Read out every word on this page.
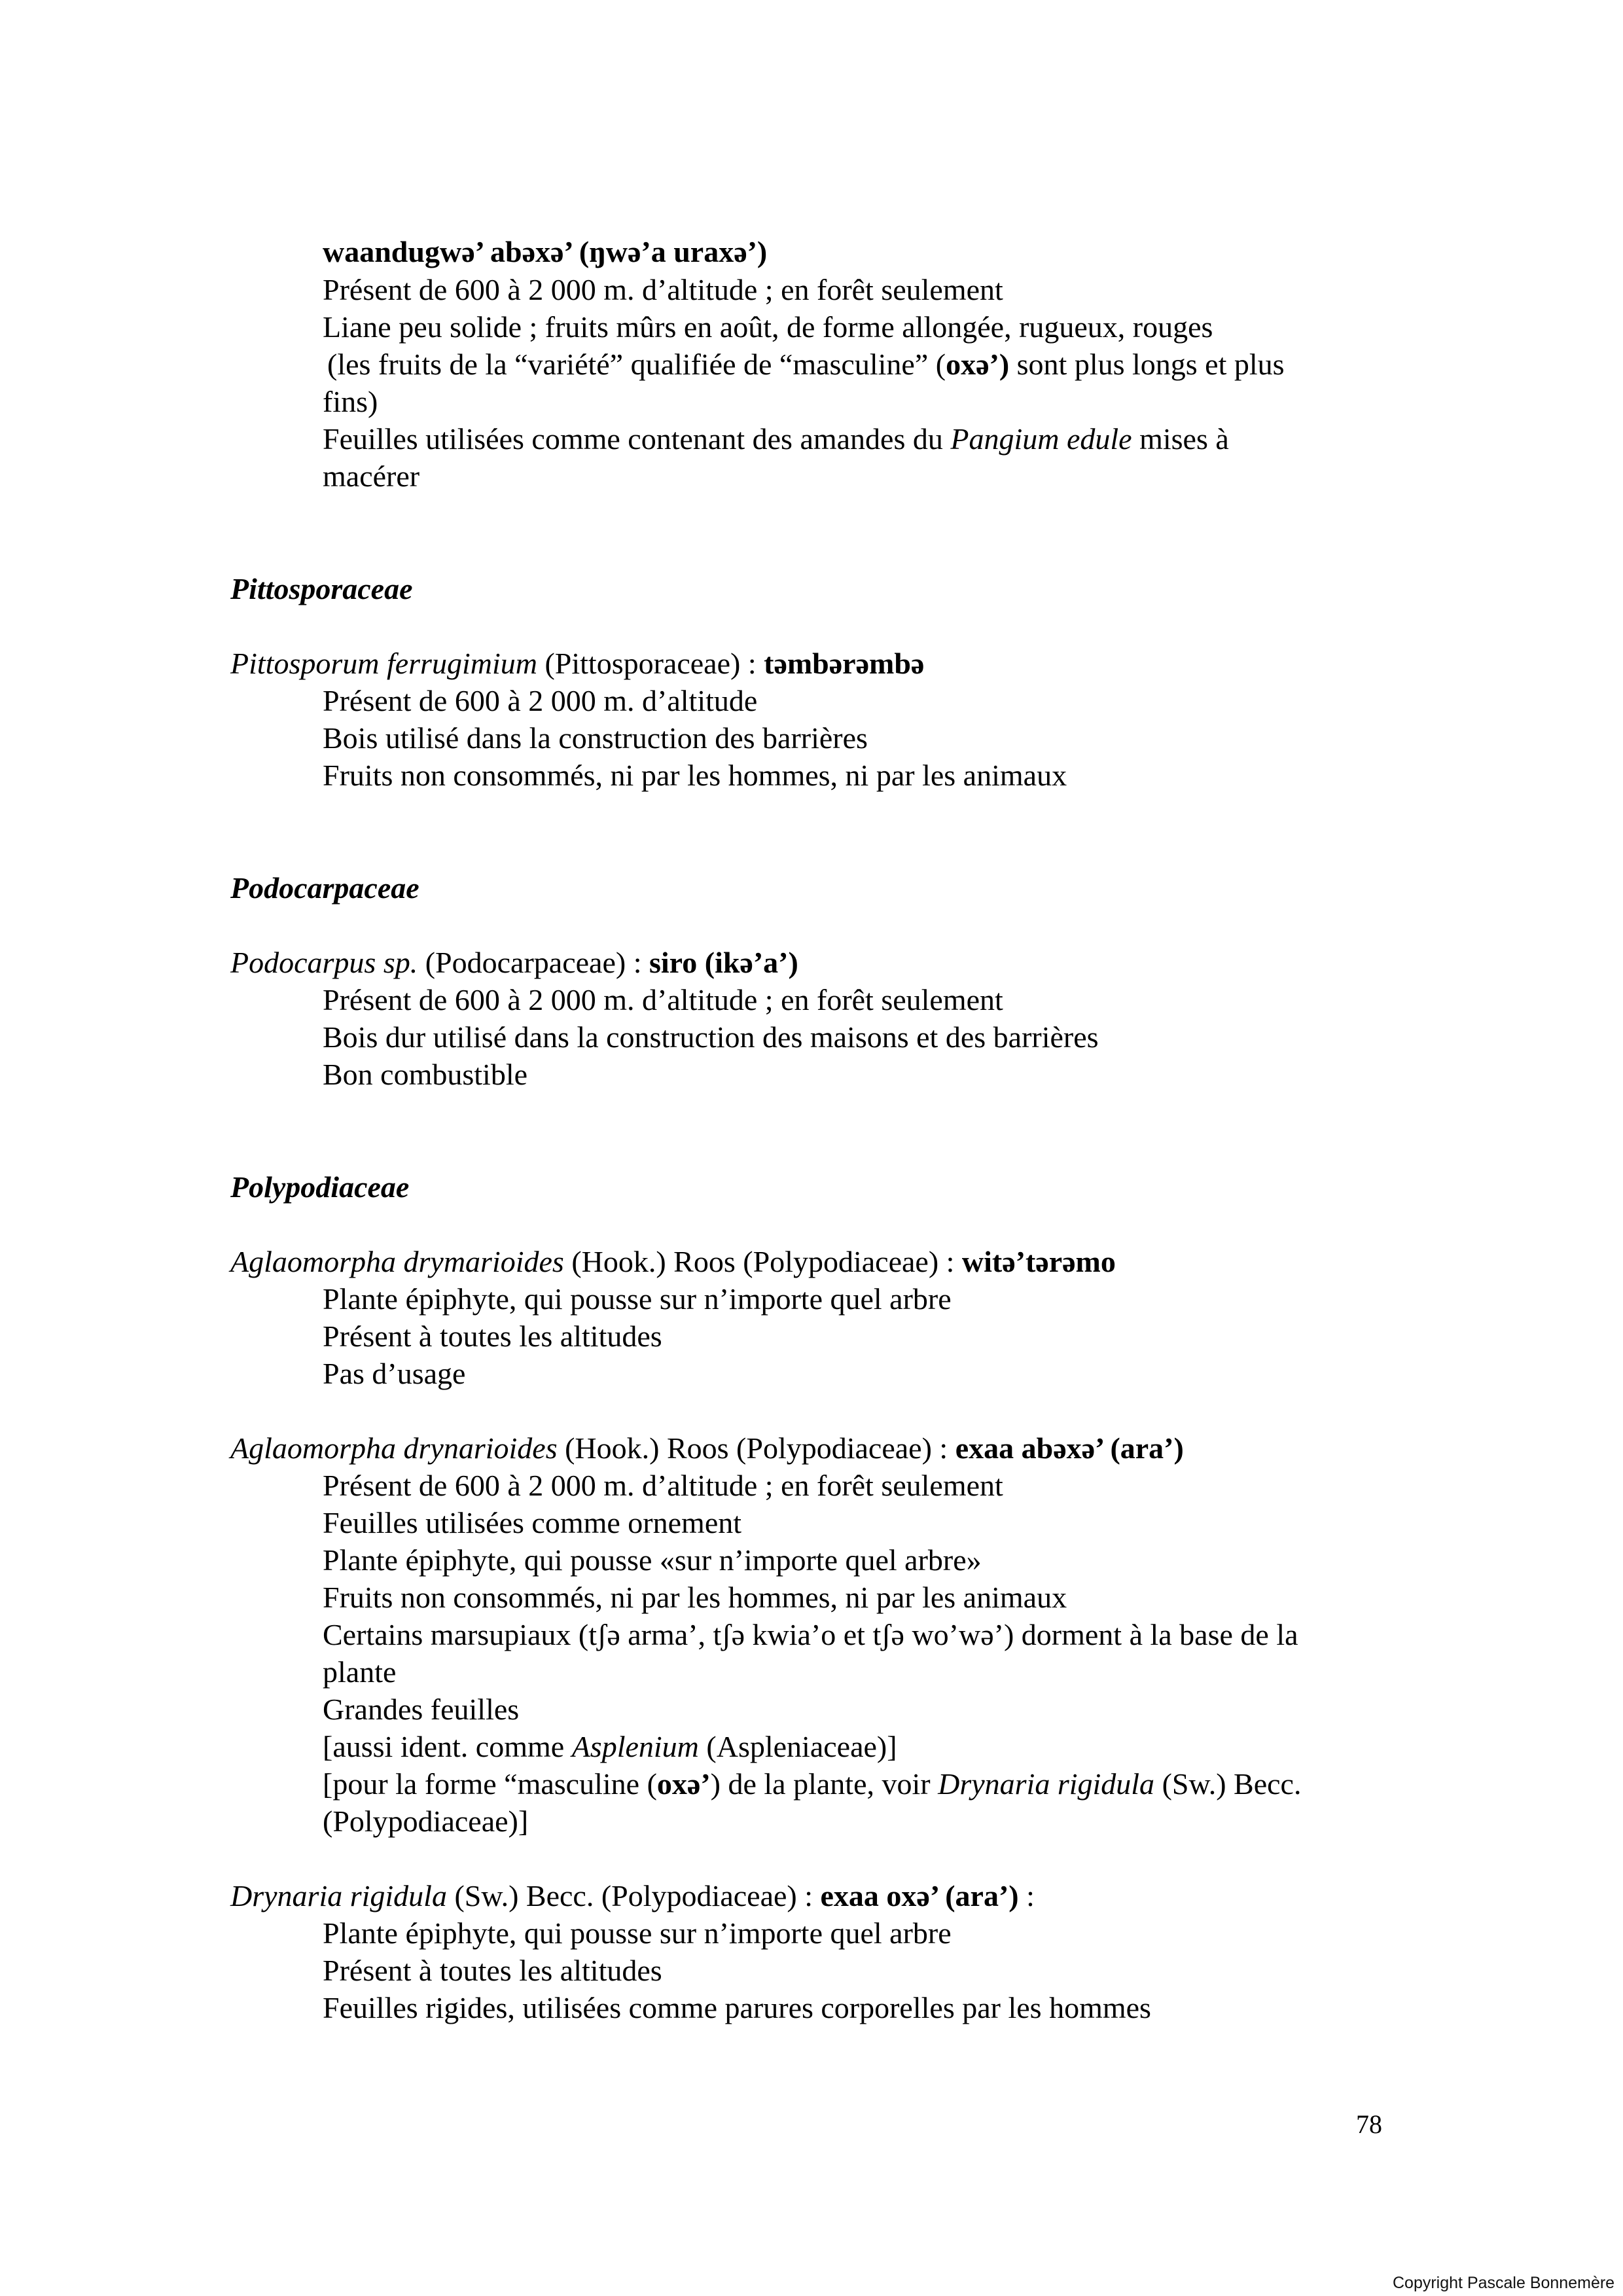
waandugwə’ abəxə’ (ŋwə’a uraxə’)
Présent de 600 à 2 000 m. d’altitude ; en forêt seulement
Liane peu solide ; fruits mûrs en août, de forme allongée, rugueux, rouges
(les fruits de la “variété” qualifiée de “masculine” (oxə’) sont plus longs et plus
fins)
Feuilles utilisées comme contenant des amandes du Pangium edule mises à
macérer
Pittosporaceae
Pittosporum ferrugimium (Pittosporaceae) : təmbərəmbə
Présent de 600 à 2 000 m. d’altitude
Bois utilisé dans la construction des barrières
Fruits non consommés, ni par les hommes, ni par les animaux
Podocarpaceae
Podocarpus sp. (Podocarpaceae) : siro (ikə’a’)
Présent de 600 à 2 000 m. d’altitude ; en forêt seulement
Bois dur utilisé dans la construction des maisons et des barrières
Bon combustible
Polypodiaceae
Aglaomorpha drymarioides (Hook.) Roos (Polypodiaceae) : witə’tərəmo
Plante épiphyte, qui pousse sur n’importe quel arbre
Présent à toutes les altitudes
Pas d’usage
Aglaomorpha drynarioides (Hook.) Roos (Polypodiaceae) : exaa abəxə’ (ara’)
Présent de 600 à 2 000 m. d’altitude ; en forêt seulement
Feuilles utilisées comme ornement
Plante épiphyte, qui pousse «sur n’importe quel arbre»
Fruits non consommés, ni par les hommes, ni par les animaux
Certains marsupiaux (tʃə arma’, tʃə kwia’o et tʃə wo’wə’) dorment à la base de la
plante
Grandes feuilles
[aussi ident. comme Asplenium (Aspleniaceae)]
[pour la forme “masculine (oxə’) de la plante, voir Drynaria rigidula (Sw.) Becc.
(Polypodiaceae)]
Drynaria rigidula (Sw.) Becc. (Polypodiaceae) : exaa oxə’ (ara’) :
Plante épiphyte, qui pousse sur n’importe quel arbre
Présent à toutes les altitudes
Feuilles rigides, utilisées comme parures corporelles par les hommes
78
Copyright Pascale Bonnemère
